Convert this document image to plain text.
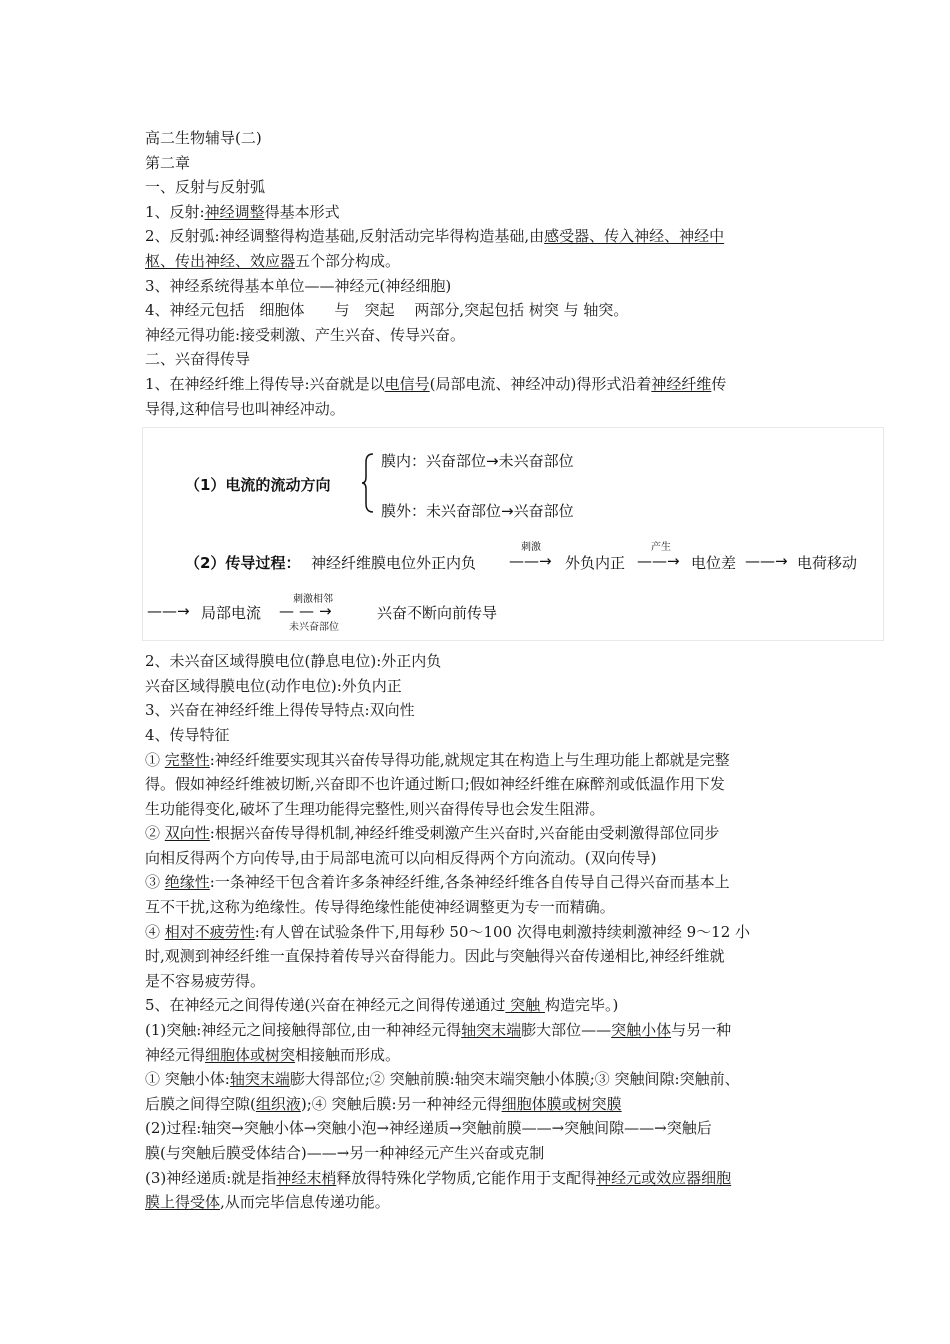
高二生物辅导(二)
第二章
一、反射与反射弧
1、反射:神经调整得基本形式
2、反射弧:神经调整得构造基础,反射活动完毕得构造基础,由感受器、传入神经、神经中
枢、传出神经、效应器五个部分构成。
3、神经系统得基本单位——神经元(神经细胞)
4、神经元包括　细胞体　　与　突起　 两部分,突起包括 树突 与 轴突。
神经元得功能:接受刺激、产生兴奋、传导兴奋。
二、兴奋得传导
1、在神经纤维上得传导:兴奋就是以电信号(局部电流、神经冲动)得形式沿着神经纤维传
导得,这种信号也叫神经冲动。
（1）电流的流动方向
膜内：兴奋部位→未兴奋部位
膜外：未兴奋部位→兴奋部位
（2）传导过程： 神经纤维膜电位外正内负
刺激
——→ 外负内正
产生
——→ 电位差 ——→ 电荷移动
——→ 局部电流
刺激相邻
——→
未兴奋部位
兴奋不断向前传导
2、未兴奋区域得膜电位(静息电位):外正内负
兴奋区域得膜电位(动作电位):外负内正
3、兴奋在神经纤维上得传导特点:双向性
4、传导特征
① 完整性:神经纤维要实现其兴奋传导得功能,就规定其在构造上与生理功能上都就是完整
得。假如神经纤维被切断,兴奋即不也许通过断口;假如神经纤维在麻醉剂或低温作用下发
生功能得变化,破坏了生理功能得完整性,则兴奋得传导也会发生阻滞。
② 双向性:根据兴奋传导得机制,神经纤维受刺激产生兴奋时,兴奋能由受刺激得部位同步
向相反得两个方向传导,由于局部电流可以向相反得两个方向流动。(双向传导)
③ 绝缘性:一条神经干包含着许多条神经纤维,各条神经纤维各自传导自己得兴奋而基本上
互不干扰,这称为绝缘性。传导得绝缘性能使神经调整更为专一而精确。
④ 相对不疲劳性:有人曾在试验条件下,用每秒 50～100 次得电刺激持续刺激神经 9～12 小
时,观测到神经纤维一直保持着传导兴奋得能力。因此与突触得兴奋传递相比,神经纤维就
是不容易疲劳得。
5、在神经元之间得传递(兴奋在神经元之间得传递通过 突触 构造完毕。)
(1)突触:神经元之间接触得部位,由一种神经元得轴突末端膨大部位——突触小体与另一种
神经元得细胞体或树突相接触而形成。
① 突触小体:轴突末端膨大得部位;② 突触前膜:轴突末端突触小体膜;③ 突触间隙:突触前、
后膜之间得空隙(组织液);④ 突触后膜:另一种神经元得细胞体膜或树突膜
(2)过程:轴突→突触小体→突触小泡→神经递质→突触前膜——→突触间隙——→突触后
膜(与突触后膜受体结合)——→另一种神经元产生兴奋或克制
(3)神经递质:就是指神经末梢释放得特殊化学物质,它能作用于支配得神经元或效应器细胞
膜上得受体,从而完毕信息传递功能。
